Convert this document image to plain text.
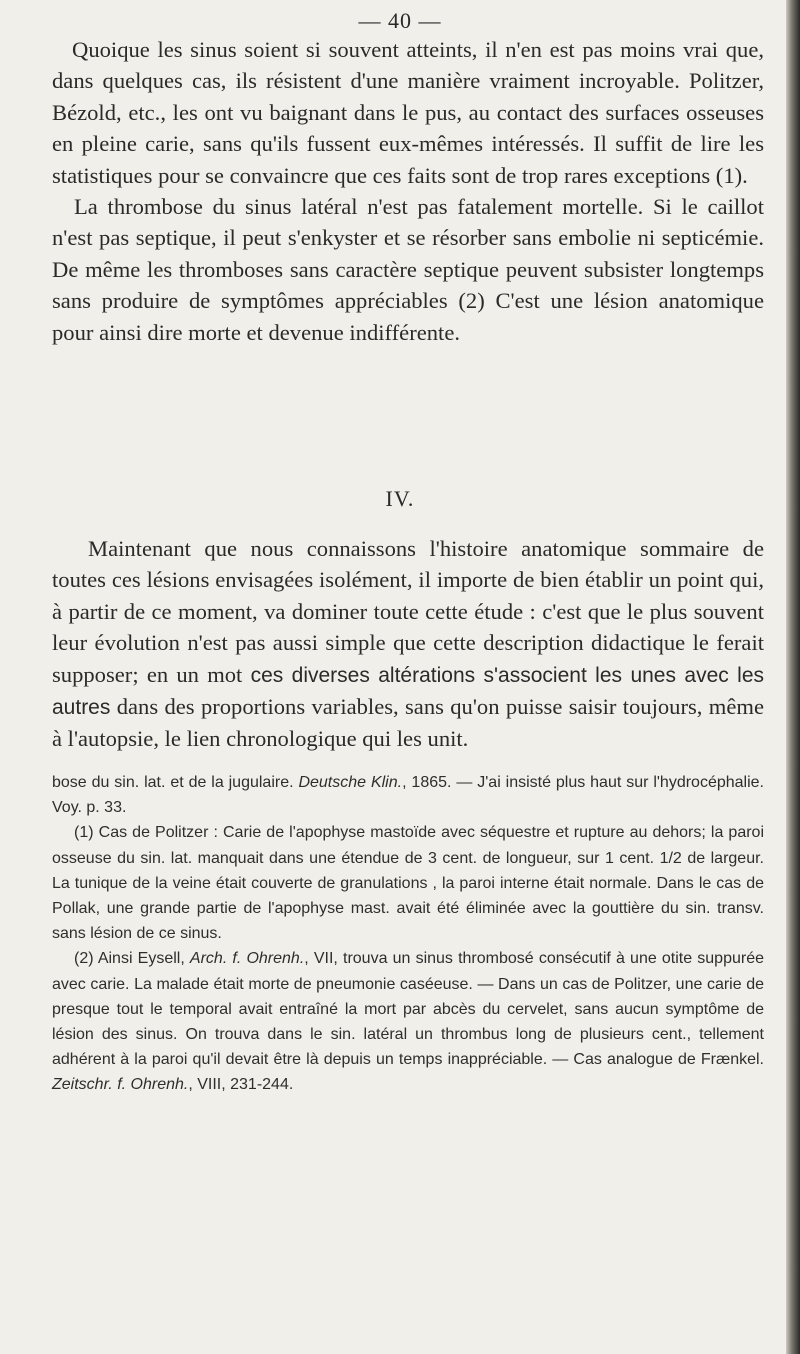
— 40 —

Quoique les sinus soient si souvent atteints, il n'en est pas moins vrai que, dans quelques cas, ils résistent d'une manière vraiment incroyable. Politzer, Bézold, etc., les ont vu baignant dans le pus, au contact des surfaces osseuses en pleine carie, sans qu'ils fussent eux-mêmes intéressés. Il suffit de lire les statistiques pour se convaincre que ces faits sont de trop rares exceptions (1).

La thrombose du sinus latéral n'est pas fatalement mortelle. Si le caillot n'est pas septique, il peut s'enkyster et se résorber sans embolie ni septicémie. De même les thromboses sans caractère septique peuvent subsister longtemps sans produire de symptômes appréciables (2) C'est une lésion anatomique pour ainsi dire morte et devenue indifférente.

IV.

Maintenant que nous connaissons l'histoire anatomique sommaire de toutes ces lésions envisagées isolément, il importe de bien établir un point qui, à partir de ce moment, va dominer toute cette étude : c'est que le plus souvent leur évolution n'est pas aussi simple que cette description didactique le ferait supposer; en un mot ces diverses altérations s'associent les unes avec les autres dans des proportions variables, sans qu'on puisse saisir toujours, même à l'autopsie, le lien chronologique qui les unit.

bose du sin. lat. et de la jugulaire. Deutsche Klin., 1865. — J'ai insisté plus haut sur l'hydrocéphalie. Voy. p. 33.

(1) Cas de Politzer : Carie de l'apophyse mastoïde avec séquestre et rupture au dehors; la paroi osseuse du sin. lat. manquait dans une étendue de 3 cent. de longueur, sur 1 cent. 1/2 de largeur. La tunique de la veine était couverte de granulations , la paroi interne était normale. Dans le cas de Pollak, une grande partie de l'apophyse mast. avait été éliminée avec la gouttière du sin. transv. sans lésion de ce sinus.

(2) Ainsi Eysell, Arch. f. Ohrenh., VII, trouva un sinus thrombosé consécutif à une otite suppurée avec carie. La malade était morte de pneumonie caséeuse. — Dans un cas de Politzer, une carie de presque tout le temporal avait entraîné la mort par abcès du cervelet, sans aucun symptôme de lésion des sinus. On trouva dans le sin. latéral un thrombus long de plusieurs cent., tellement adhérent à la paroi qu'il devait être là depuis un temps inappréciable. — Cas analogue de Frænkel. Zeitschr. f. Ohrenh., VIII, 231-244.
